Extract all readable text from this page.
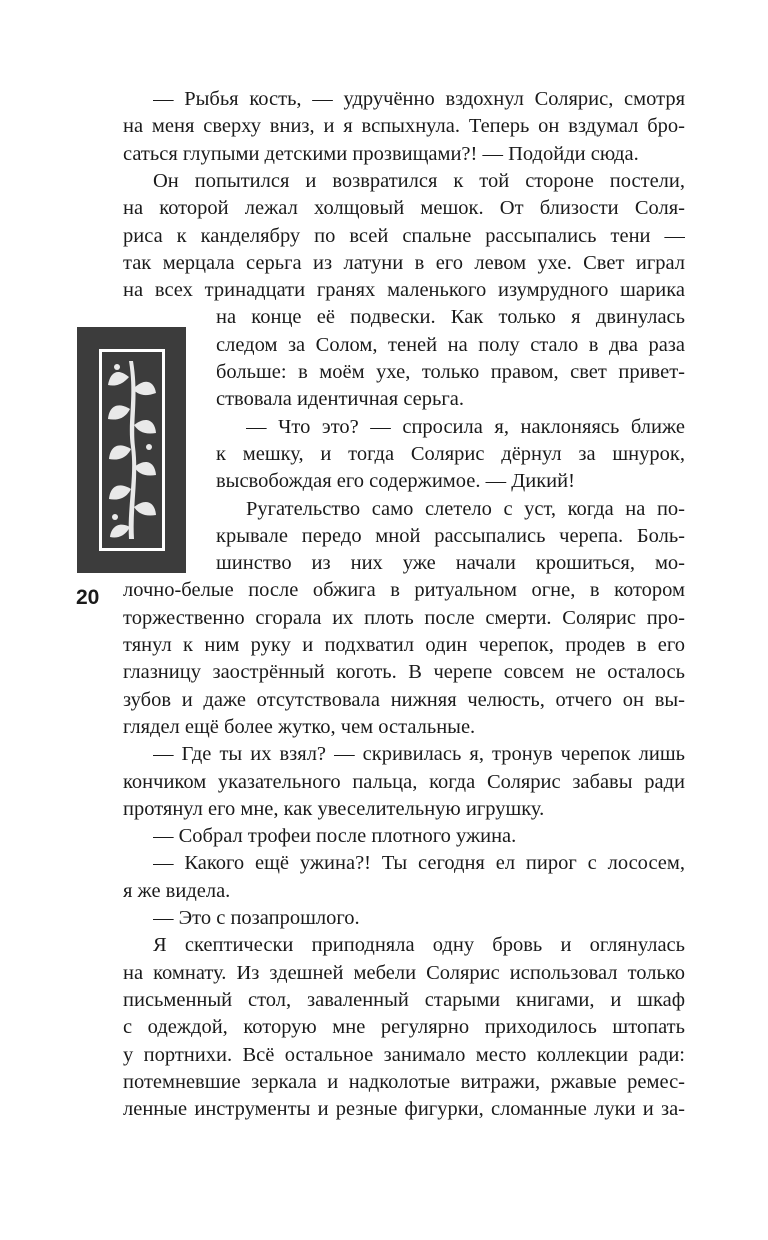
— Рыбья кость, — удручённо вздохнул Солярис, смотря
на меня сверху вниз, и я вспыхнула. Теперь он вздумал бро-
саться глупыми детскими прозвищами?! — Подойди сюда.
Он попытился и возвратился к той стороне постели,
на которой лежал холщовый мешок. От близости Соля-
риса к канделябру по всей спальне рассыпались тени —
так мерцала серьга из латуни в его левом ухе. Свет играл
на всех тринадцати гранях маленького изумрудного шарика
на конце её подвески. Как только я двинулась
следом за Солом, теней на полу стало в два раза
больше: в моём ухе, только правом, свет привет-
ствовала идентичная серьга.
— Что это? — спросила я, наклоняясь ближе
к мешку, и тогда Солярис дёрнул за шнурок,
высвобождая его содержимое. — Дикий!
Ругательство само слетело с уст, когда на по-
крывале передо мной рассыпались черепа. Боль-
шинство из них уже начали крошиться, мо-
лочно-белые после обжига в ритуальном огне, в котором
торжественно сгорала их плоть после смерти. Солярис про-
тянул к ним руку и подхватил один черепок, продев в его
глазницу заострённый коготь. В черепе совсем не осталось
зубов и даже отсутствовала нижняя челюсть, отчего он вы-
глядел ещё более жутко, чем остальные.
— Где ты их взял? — скривилась я, тронув черепок лишь
кончиком указательного пальца, когда Солярис забавы ради
протянул его мне, как увеселительную игрушку.
— Собрал трофеи после плотного ужина.
— Какого ещё ужина?! Ты сегодня ел пирог с лососем,
я же видела.
— Это с позапрошлого.
Я скептически приподняла одну бровь и оглянулась
на комнату. Из здешней мебели Солярис использовал только
письменный стол, заваленный старыми книгами, и шкаф
с одеждой, которую мне регулярно приходилось штопать
у портнихи. Всё остальное занимало место коллекции ради:
потемневшие зеркала и надколотые витражи, ржавые ремес-
ленные инструменты и резные фигурки, сломанные луки и за-
20
